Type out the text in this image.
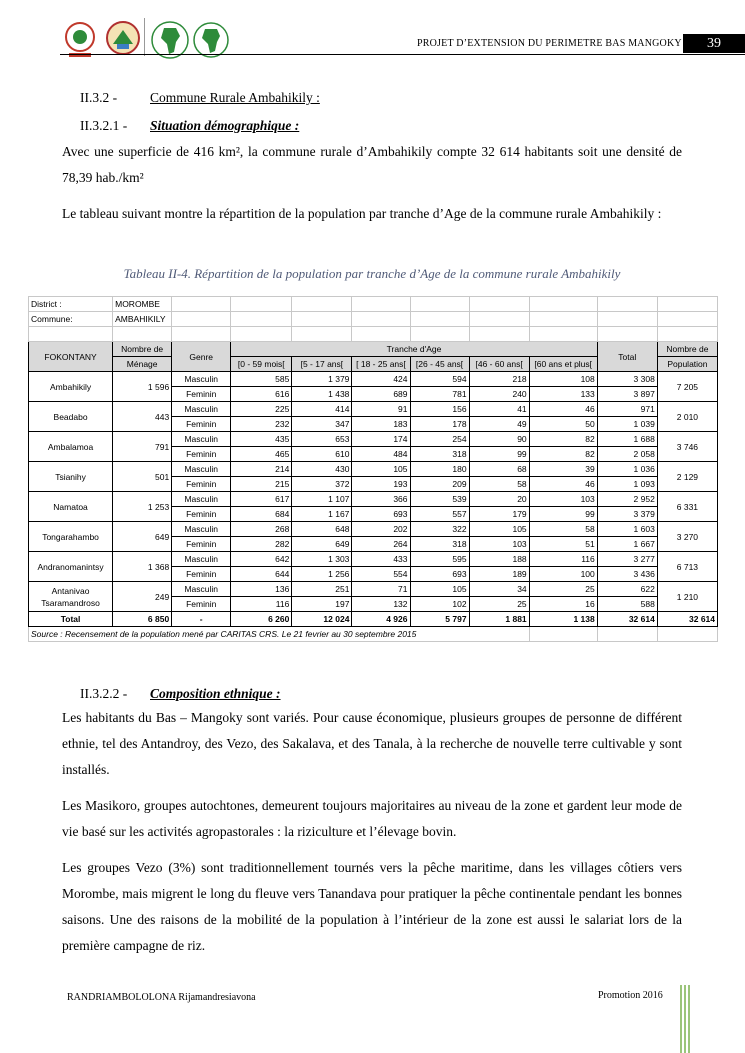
PROJET D’EXTENSION DU PERIMETRE BAS MANGOKY	39
II.3.2 - Commune Rurale Ambahikily :
II.3.2.1 - Situation démographique :
Avec une superficie de 416 km², la commune rurale d’Ambahikily compte 32 614 habitants soit une densité de 78,39 hab./km²
Le tableau suivant montre la répartition de la population par tranche d’Age de la commune rurale Ambahikily :
Tableau II-4. Répartition de la population par tranche d’Age de la commune rurale Ambahikily
District :	MOROMBE									
Commune:	AMBAHIKILY									

FOKONTANY	Nombre de	Genre	Tranche d'Age						Total	Nombre de
	Ménage		[0 - 59 mois[	[5 - 17 ans[	[ 18 - 25 ans[	[26 - 45 ans[	[46 - 60 ans[	[60 ans et plus[		Population
Ambahikily	1 596	Masculin	585	1 379	424	594	218	108	3 308	7 205
		Feminin	616	1 438	689	781	240	133	3 897	
Beadabo	443	Masculin	225	414	91	156	41	46	971	2 010
		Feminin	232	347	183	178	49	50	1 039	
Ambalamoa	791	Masculin	435	653	174	254	90	82	1 688	3 746
		Feminin	465	610	484	318	99	82	2 058	
Tsianihy	501	Masculin	214	430	105	180	68	39	1 036	2 129
		Feminin	215	372	193	209	58	46	1 093	
Namatoa	1 253	Masculin	617	1 107	366	539	20	103	2 952	6 331
		Feminin	684	1 167	693	557	179	99	3 379	
Tongarahambo	649	Masculin	268	648	202	322	105	58	1 603	3 270
		Feminin	282	649	264	318	103	51	1 667	
Andranomanintsy	1 368	Masculin	642	1 303	433	595	188	116	3 277	6 713
		Feminin	644	1 256	554	693	189	100	3 436	
Antanivao Tsaramandroso	249	Masculin	136	251	71	105	34	25	622	1 210
		Feminin	116	197	132	102	25	16	588	
Total	6 850	-	6 260	12 024	4 926	5 797	1 881	1 138	32 614	32 614
Source : Recensement de la population mené par CARITAS CRS. Le 21 fevrier au 30 septembre 2015										
II.3.2.2 - Composition ethnique :
Les habitants du Bas – Mangoky sont variés. Pour cause économique, plusieurs groupes de personne de différent ethnie, tel des Antandroy, des Vezo, des Sakalava, et des Tanala, à la recherche de nouvelle terre cultivable y sont installés.
Les Masikoro, groupes autochtones, demeurent toujours majoritaires au niveau de la zone et gardent leur mode de vie basé sur les activités agropastorales : la riziculture et l’élevage bovin.
Les groupes Vezo (3%) sont traditionnellement tournés vers la pêche maritime, dans les villages côtiers vers Morombe, mais migrent le long du fleuve vers Tanandava pour pratiquer la pêche continentale pendant les bonnes saisons. Une des raisons de la mobilité de la population à l’intérieur de la zone est aussi le salariat lors de la première campagne de riz.
RANDRIAMBOLOLONA Rijamandresiavona	Promotion 2016
